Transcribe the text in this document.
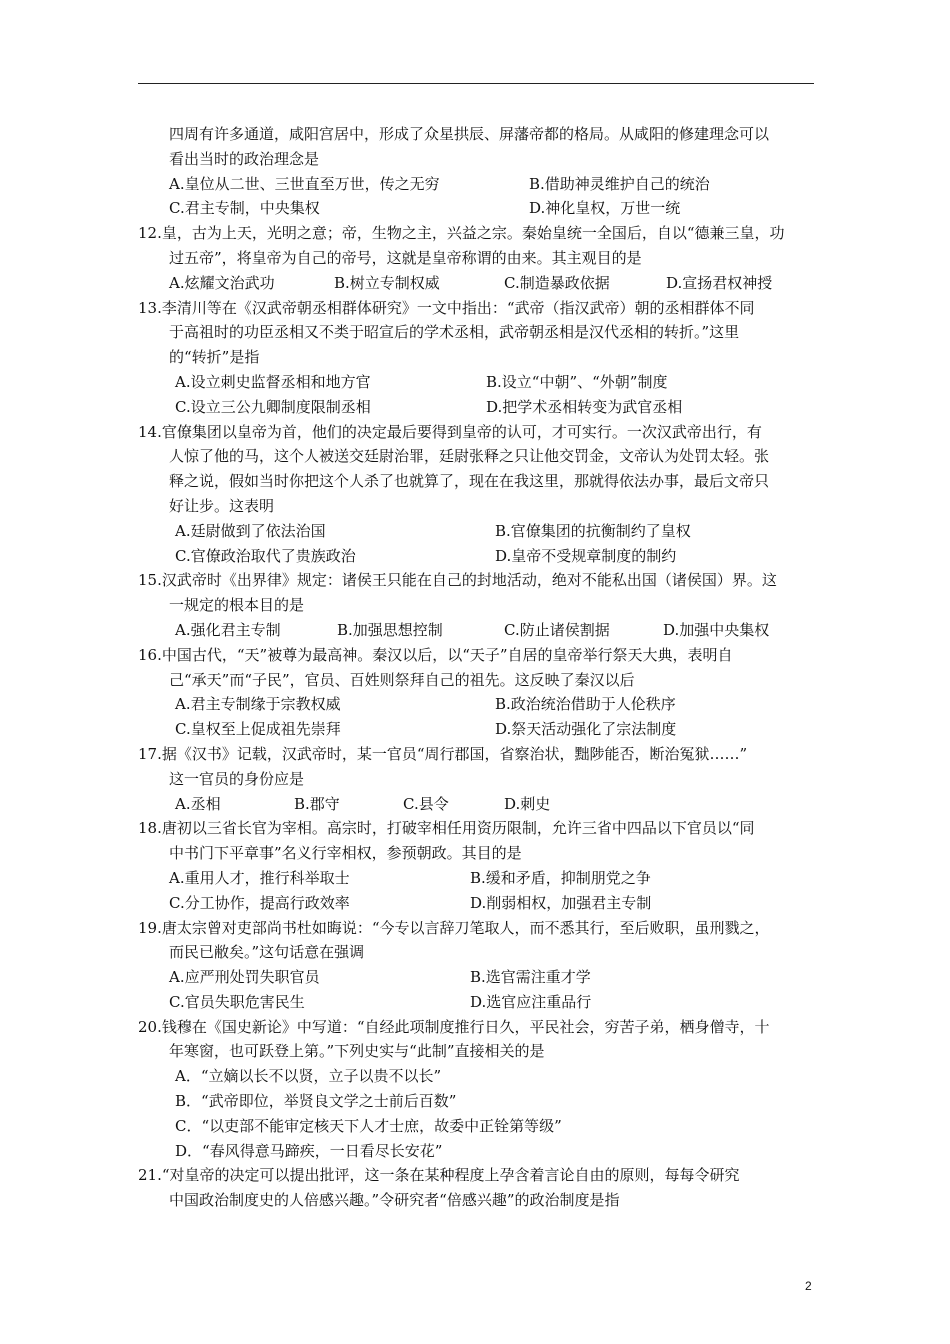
四周有许多通道，咸阳宫居中，形成了众星拱辰、屏藩帝都的格局。从咸阳的修建理念可以
看出当时的政治理念是
A.皇位从二世、三世直至万世，传之无穷	B.借助神灵维护自己的统治
C.君主专制，中央集权	D.神化皇权，万世一统
12.皇，古为上天，光明之意；帝，生物之主，兴益之宗。秦始皇统一全国后，自以“德兼三皇，功
过五帝”，将皇帝为自己的帝号，这就是皇帝称谓的由来。其主观目的是
A.炫耀文治武功	B.树立专制权威	C.制造暴政依据	D.宣扬君权神授
13.李清川等在《汉武帝朝丞相群体研究》一文中指出：“武帝（指汉武帝）朝的丞相群体不同
于高祖时的功臣丞相又不类于昭宣后的学术丞相，武帝朝丞相是汉代丞相的转折。”这里
的“转折”是指
A.设立刺史监督丞相和地方官	B.设立“中朝”、“外朝”制度
C.设立三公九卿制度限制丞相	D.把学术丞相转变为武官丞相
14.官僚集团以皇帝为首，他们的决定最后要得到皇帝的认可，才可实行。一次汉武帝出行，有
人惊了他的马，这个人被送交廷尉治罪，廷尉张释之只让他交罚金，文帝认为处罚太轻。张
释之说，假如当时你把这个人杀了也就算了，现在在我这里，那就得依法办事，最后文帝只
好让步。这表明
A.廷尉做到了依法治国	B.官僚集团的抗衡制约了皇权
C.官僚政治取代了贵族政治	D.皇帝不受规章制度的制约
15.汉武帝时《出界律》规定：诸侯王只能在自己的封地活动，绝对不能私出国（诸侯国）界。这
一规定的根本目的是
A.强化君主专制	B.加强思想控制	C.防止诸侯割据	D.加强中央集权
16.中国古代，“天”被尊为最高神。秦汉以后，以“天子”自居的皇帝举行祭天大典，表明自
己“承天”而“子民”，官员、百姓则祭拜自己的祖先。这反映了秦汉以后
A.君主专制缘于宗教权威	B.政治统治借助于人伦秩序
C.皇权至上促成祖先崇拜	D.祭天活动强化了宗法制度
17.据《汉书》记载，汉武帝时，某一官员“周行郡国，省察治状，黜陟能否，断治冤狱……”
这一官员的身份应是
A.丞相	B.郡守	C.县令	D.刺史
18.唐初以三省长官为宰相。高宗时，打破宰相任用资历限制，允许三省中四品以下官员以“同
中书门下平章事”名义行宰相权，参预朝政。其目的是
A.重用人才，推行科举取士	B.缓和矛盾，抑制朋党之争
C.分工协作，提高行政效率	D.削弱相权，加强君主专制
19.唐太宗曾对吏部尚书杜如晦说：“今专以言辞刀笔取人，而不悉其行，至后败职，虽刑戮之，
而民已敝矣。”这句话意在强调
A.应严刑处罚失职官员	B.选官需注重才学
C.官员失职危害民生	D.选官应注重品行
20.钱穆在《国史新论》中写道：“自经此项制度推行日久，平民社会，穷苦子弟，栖身僧寺，十
年寒窗，也可跃登上第。”下列史实与“此制”直接相关的是
A．“立嫡以长不以贤，立子以贵不以长”
B．“武帝即位，举贤良文学之士前后百数”
C．“以吏部不能审定核天下人才士庶，故委中正铨第等级”
D．“春风得意马蹄疾，一日看尽长安花”
21.“对皇帝的决定可以提出批评，这一条在某种程度上孕含着言论自由的原则，每每令研究
中国政治制度史的人倍感兴趣。”令研究者“倍感兴趣”的政治制度是指
2
